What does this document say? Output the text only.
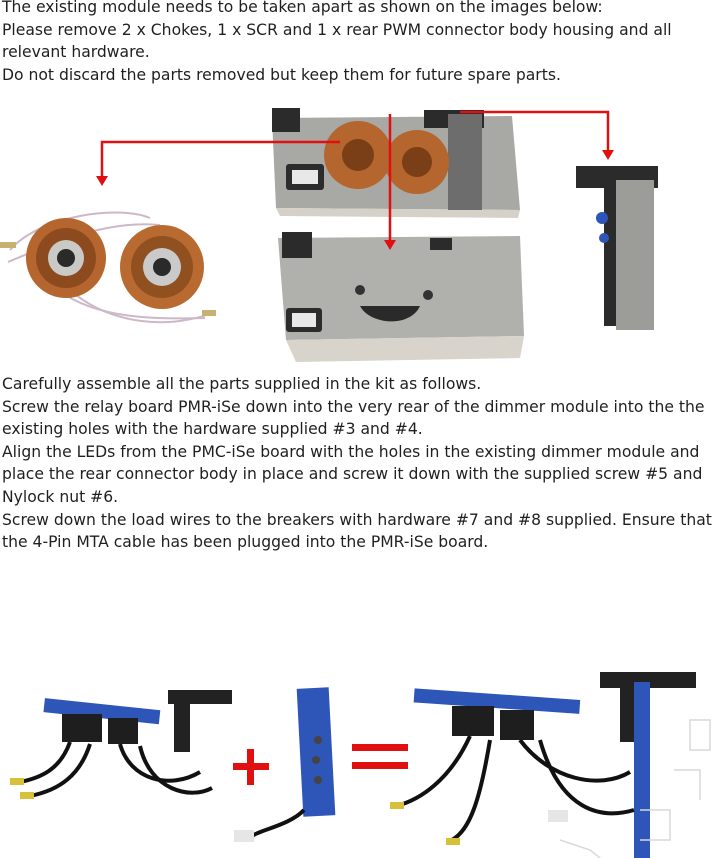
The existing module needs to be taken apart as shown on the images below:
Please remove 2 x Chokes, 1 x SCR and 1 x rear PWM connector body housing and all relevant hardware.
Do not discard the parts removed but keep them for future spare parts.
Carefully assemble all the parts supplied in the kit as follows.
Screw the relay board PMR-iSe down into the very rear of the dimmer module into the the existing holes with the hardware supplied #3 and #4.
Align the LEDs from the PMC-iSe board with the holes in the existing dimmer module and place the rear connector body in place and screw it down with the supplied screw #5 and Nylock nut #6.
Screw down the load wires to the breakers with hardware #7 and #8 supplied. Ensure that the 4-Pin MTA cable has been plugged into the PMR-iSe board.
